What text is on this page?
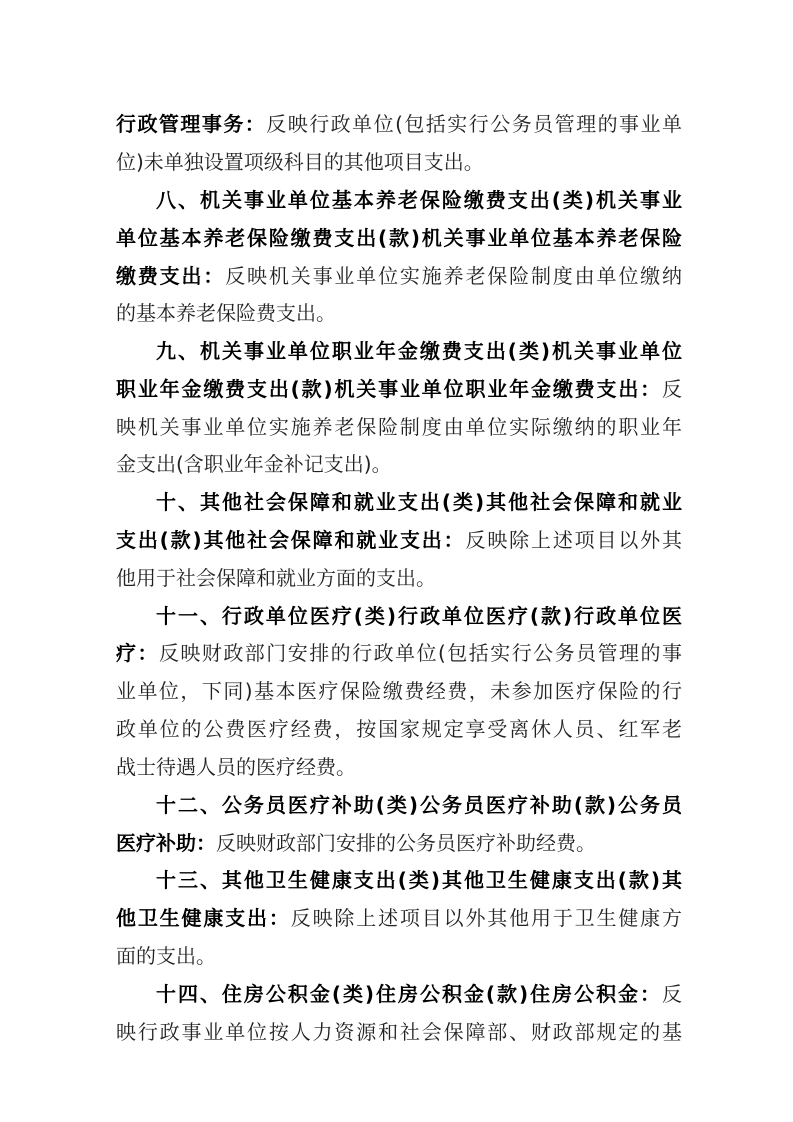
行政管理事务：反映行政单位(包括实行公务员管理的事业单
位)未单独设置项级科目的其他项目支出。
八、机关事业单位基本养老保险缴费支出(类)机关事业
单位基本养老保险缴费支出(款)机关事业单位基本养老保险
缴费支出：反映机关事业单位实施养老保险制度由单位缴纳
的基本养老保险费支出。
九、机关事业单位职业年金缴费支出(类)机关事业单位
职业年金缴费支出(款)机关事业单位职业年金缴费支出：反
映机关事业单位实施养老保险制度由单位实际缴纳的职业年
金支出(含职业年金补记支出)。
十、其他社会保障和就业支出(类)其他社会保障和就业
支出(款)其他社会保障和就业支出：反映除上述项目以外其
他用于社会保障和就业方面的支出。
十一、行政单位医疗(类)行政单位医疗(款)行政单位医
疗：反映财政部门安排的行政单位(包括实行公务员管理的事
业单位，下同)基本医疗保险缴费经费，未参加医疗保险的行
政单位的公费医疗经费，按国家规定享受离休人员、红军老
战士待遇人员的医疗经费。
十二、公务员医疗补助(类)公务员医疗补助(款)公务员
医疗补助：反映财政部门安排的公务员医疗补助经费。
十三、其他卫生健康支出(类)其他卫生健康支出(款)其
他卫生健康支出：反映除上述项目以外其他用于卫生健康方
面的支出。
十四、住房公积金(类)住房公积金(款)住房公积金：反
映行政事业单位按人力资源和社会保障部、财政部规定的基
